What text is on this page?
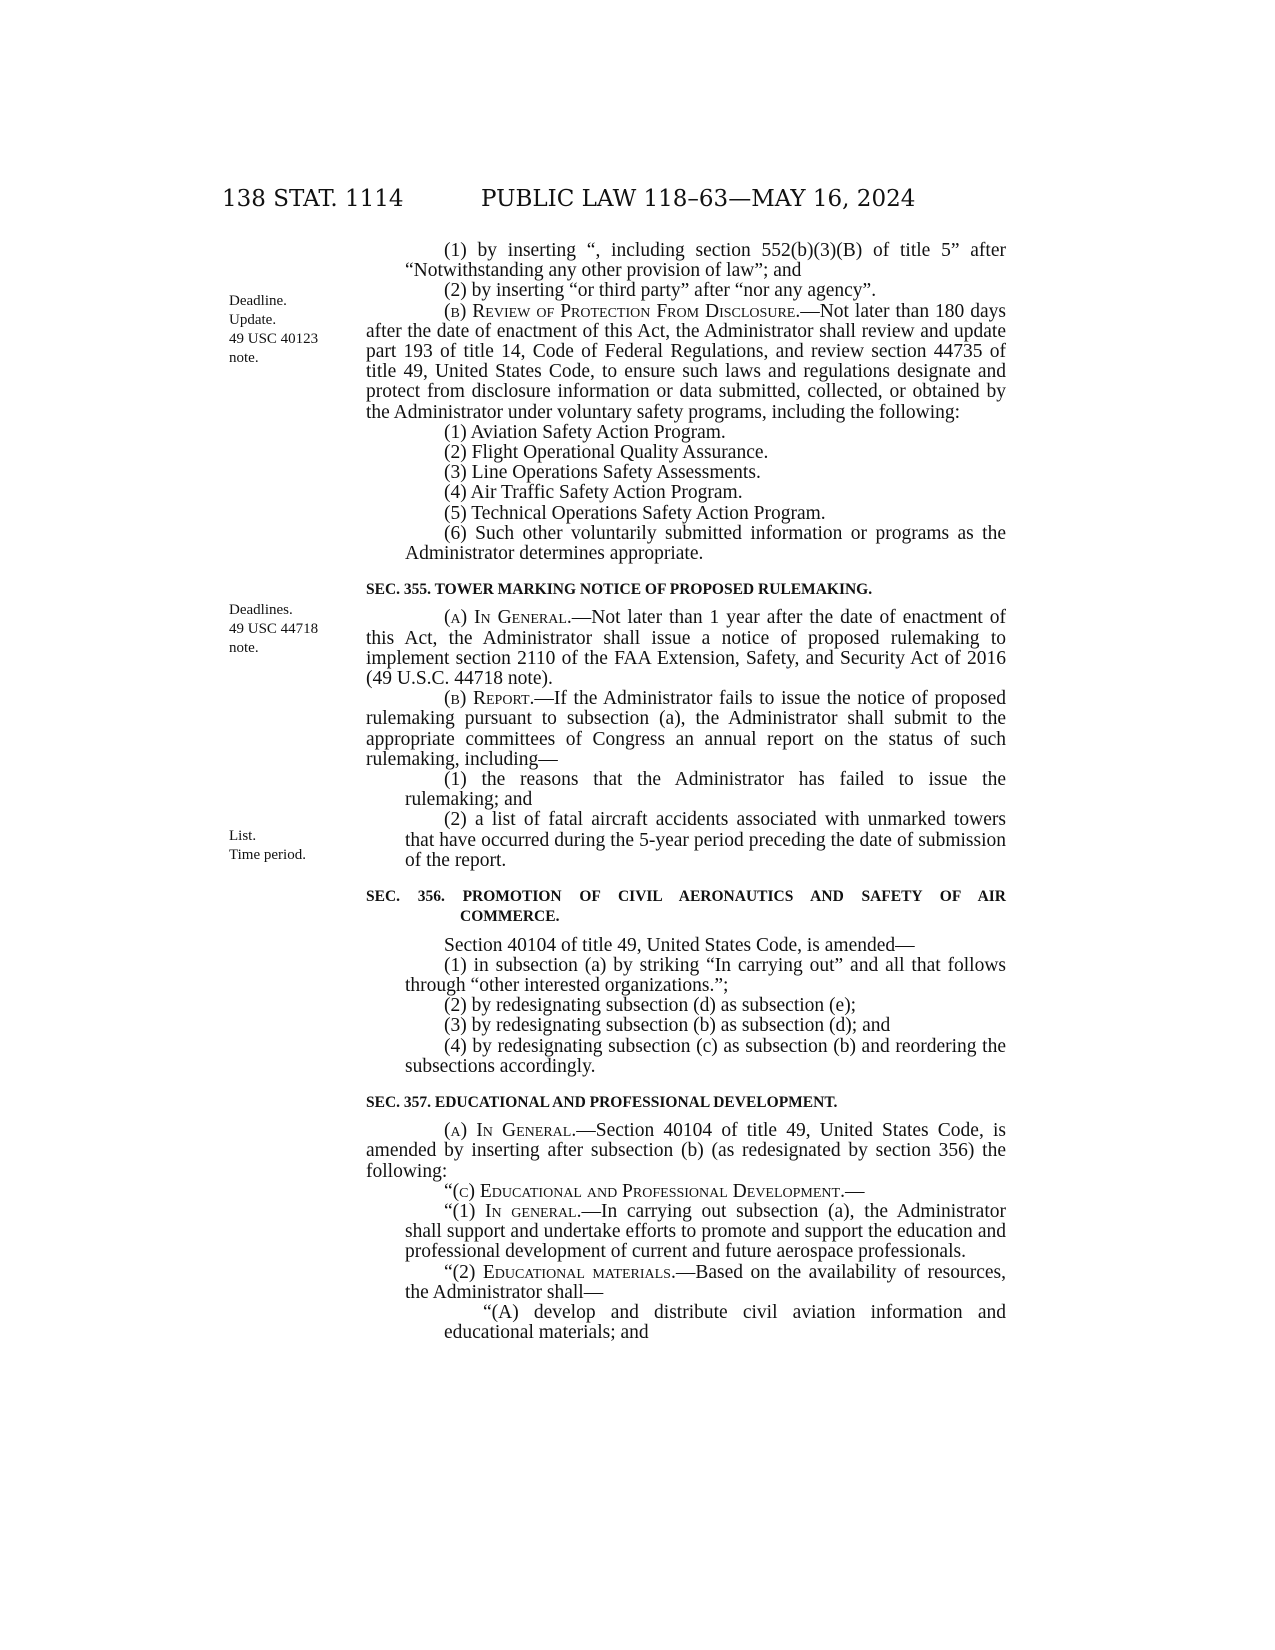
138 STAT. 1114	PUBLIC LAW 118–63—MAY 16, 2024
Deadline.
Update.
49 USC 40123
note.
Deadlines.
49 USC 44718
note.
List.
Time period.

(1) by inserting “, including section 552(b)(3)(B) of title 5” after “Notwithstanding any other provision of law”; and

(2) by inserting “or third party” after “nor any agency”.

(b) Review of Protection From Disclosure.—Not later than 180 days after the date of enactment of this Act, the Administrator shall review and update part 193 of title 14, Code of Federal Regulations, and review section 44735 of title 49, United States Code, to ensure such laws and regulations designate and protect from disclosure information or data submitted, collected, or obtained by the Administrator under voluntary safety programs, including the following:

(1) Aviation Safety Action Program.

(2) Flight Operational Quality Assurance.

(3) Line Operations Safety Assessments.

(4) Air Traffic Safety Action Program.

(5) Technical Operations Safety Action Program.

(6) Such other voluntarily submitted information or programs as the Administrator determines appropriate.

SEC. 355. TOWER MARKING NOTICE OF PROPOSED RULEMAKING.

(a) In General.—Not later than 1 year after the date of enactment of this Act, the Administrator shall issue a notice of proposed rulemaking to implement section 2110 of the FAA Extension, Safety, and Security Act of 2016 (49 U.S.C. 44718 note).

(b) Report.—If the Administrator fails to issue the notice of proposed rulemaking pursuant to subsection (a), the Administrator shall submit to the appropriate committees of Congress an annual report on the status of such rulemaking, including—

(1) the reasons that the Administrator has failed to issue the rulemaking; and

(2) a list of fatal aircraft accidents associated with unmarked towers that have occurred during the 5-year period preceding the date of submission of the report.

SEC. 356. PROMOTION OF CIVIL AERONAUTICS AND SAFETY OF AIR
COMMERCE.

Section 40104 of title 49, United States Code, is amended—

(1) in subsection (a) by striking “In carrying out” and all that follows through “other interested organizations.”;

(2) by redesignating subsection (d) as subsection (e);

(3) by redesignating subsection (b) as subsection (d); and

(4) by redesignating subsection (c) as subsection (b) and reordering the subsections accordingly.

SEC. 357. EDUCATIONAL AND PROFESSIONAL DEVELOPMENT.

(a) In General.—Section 40104 of title 49, United States Code, is amended by inserting after subsection (b) (as redesignated by section 356) the following:

“(c) Educational and Professional Development.—

“(1) In general.—In carrying out subsection (a), the Administrator shall support and undertake efforts to promote and support the education and professional development of current and future aerospace professionals.

“(2) Educational materials.—Based on the availability of resources, the Administrator shall—

“(A) develop and distribute civil aviation information and educational materials; and
